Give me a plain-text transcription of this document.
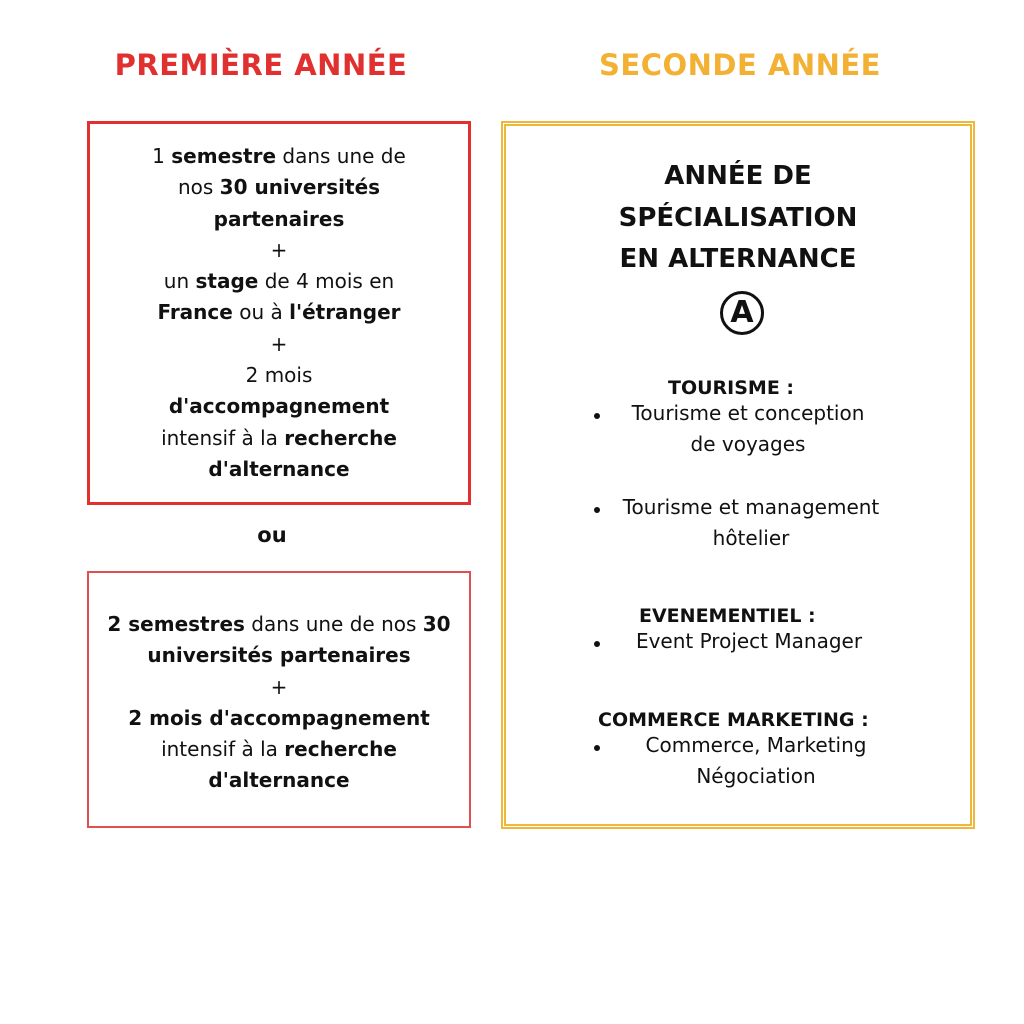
PREMIÈRE ANNÉE	SECONDE ANNÉE
1 semestre dans une de
nos 30 universités
partenaires
+
un stage de 4 mois en
France ou à l'étranger
+
2 mois
d'accompagnement
intensif à la recherche
d'alternance
ou
2 semestres dans une de nos 30
universités partenaires
+
2 mois d'accompagnement
intensif à la recherche
d'alternance
ANNÉE DE
SPÉCIALISATION
EN ALTERNANCE
A
TOURISME :
Tourisme et conception
de voyages
Tourisme et management
hôtelier
EVENEMENTIEL :
Event Project Manager
COMMERCE MARKETING :
Commerce, Marketing
Négociation
